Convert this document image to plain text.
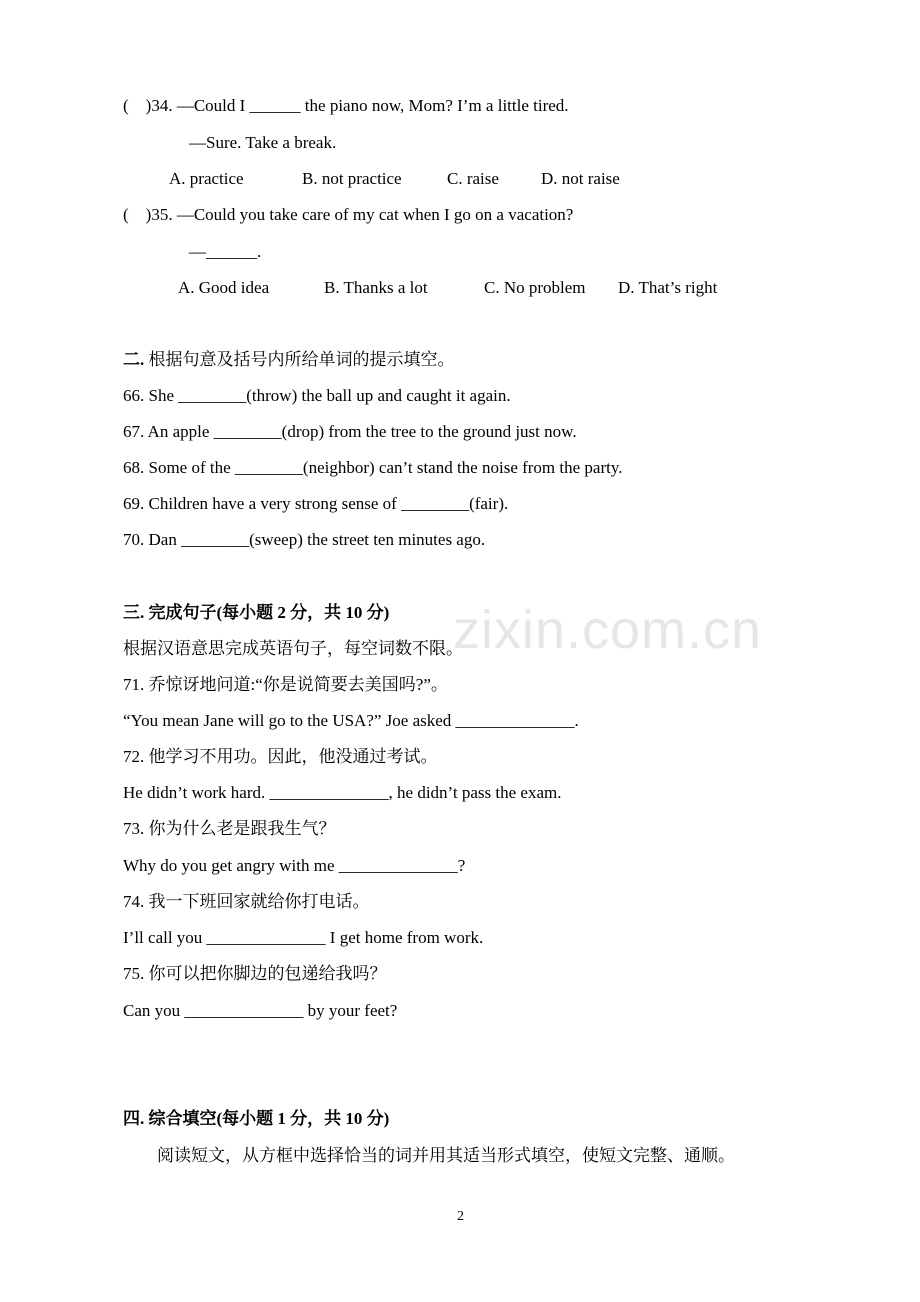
zixin.com.cn
(    )34. —Could I ______ the piano now, Mom? I’m a little tired.
—Sure. Take a break.
A. practice	B. not practice	C. raise D. not raise
(    )35. —Could you take care of my cat when I go on a vacation?
—______.
A. Good idea	B. Thanks a lot	C. No problem D. That’s right
二. 根据句意及括号内所给单词的提示填空。
66. She ________(throw) the ball up and caught it again.
67. An apple ________(drop) from the tree to the ground just now.
68. Some of the ________(neighbor) can’t stand the noise from the party.
69. Children have a very strong sense of ________(fair).
70. Dan ________(sweep) the street ten minutes ago.
三. 完成句子(每小题 2 分，共 10 分)
根据汉语意思完成英语句子，每空词数不限。
71. 乔惊讶地问道:“你是说简要去美国吗?”。
“You mean Jane will go to the USA?” Joe asked ______________.
72. 他学习不用功。因此，他没通过考试。
He didn’t work hard. ______________, he didn’t pass the exam.
73. 你为什么老是跟我生气？
Why do you get angry with me ______________?
74. 我一下班回家就给你打电话。
I’ll call you ______________ I get home from work.
75. 你可以把你脚边的包递给我吗？
Can you ______________ by your feet?
四. 综合填空(每小题 1 分，共 10 分)
阅读短文，从方框中选择恰当的词并用其适当形式填空，使短文完整、通顺。
2
